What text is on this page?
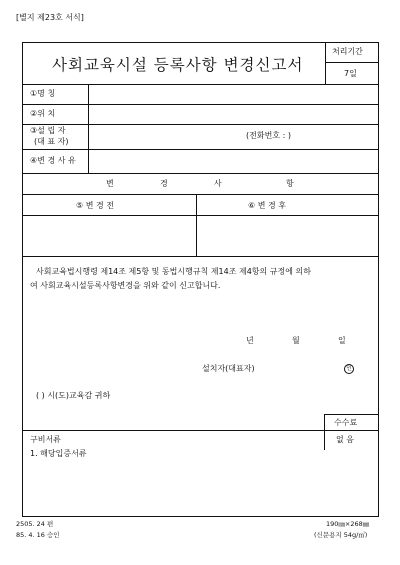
[별지 제23호 서식]
사회교육시설 등록사항 변경신고서
처리기간
7일
①명 칭
②위 치
③설 립 자
(대 표 자)
(전화번호 : )
④변 경 사 유
변	경	사	항
⑤ 변 경 전	⑥ 변 경 후
사회교육법시행령 제14조 제5항 및 동법시행규칙 제14조 제4항의 규정에 의하
여 사회교육시설등록사항변경을 위와 같이 신고합니다.
년	월	일
설치자(대표자)	인
( ) 시(도)교육감 귀하
수수료
없 음
구비서류
1. 해당입증서류
2505. 24 편
85. 4. 16 승인
190㎜×268㎜
(신문용지 54g/㎡)
